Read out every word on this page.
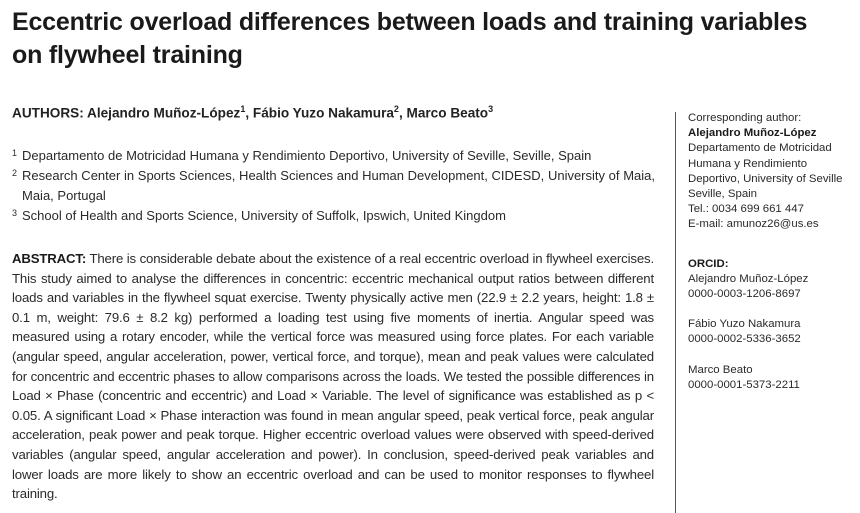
Eccentric overload differences between loads and training variables on flywheel training
AUTHORS: Alejandro Muñoz-López$^1$, Fábio Yuzo Nakamura$^2$, Marco Beato$^3$
1 Departamento de Motricidad Humana y Rendimiento Deportivo, University of Seville, Seville, Spain
2 Research Center in Sports Sciences, Health Sciences and Human Development, CIDESD, University of Maia, Maia, Portugal
3 School of Health and Sports Science, University of Suffolk, Ipswich, United Kingdom
ABSTRACT: There is considerable debate about the existence of a real eccentric overload in flywheel exercises. This study aimed to analyse the differences in concentric: eccentric mechanical output ratios between different loads and variables in the flywheel squat exercise. Twenty physically active men (22.9 ± 2.2 years, height: 1.8 ± 0.1 m, weight: 79.6 ± 8.2 kg) performed a loading test using five moments of inertia. Angular speed was measured using a rotary encoder, while the vertical force was measured using force plates. For each variable (angular speed, angular acceleration, power, vertical force, and torque), mean and peak values were calculated for concentric and eccentric phases to allow comparisons across the loads. We tested the possible differences in Load × Phase (concentric and eccentric) and Load × Variable. The level of significance was established as p < 0.05. A significant Load × Phase interaction was found in mean angular speed, peak vertical force, peak angular acceleration, peak power and peak torque. Higher eccentric overload values were observed with speed-derived variables (angular speed, angular acceleration and power). In conclusion, speed-derived peak variables and lower loads are more likely to show an eccentric overload and can be used to monitor responses to flywheel training.
Corresponding author:
Alejandro Muñoz-López
Departamento de Motricidad
Humana y Rendimiento
Deportivo, University of Seville
Seville, Spain
Tel.: 0034 699 661 447
E-mail: amunoz26@us.es
ORCID:
Alejandro Muñoz-López
0000-0003-1206-8697
Fábio Yuzo Nakamura
0000-0002-5336-3652
Marco Beato
0000-0001-5373-2211
